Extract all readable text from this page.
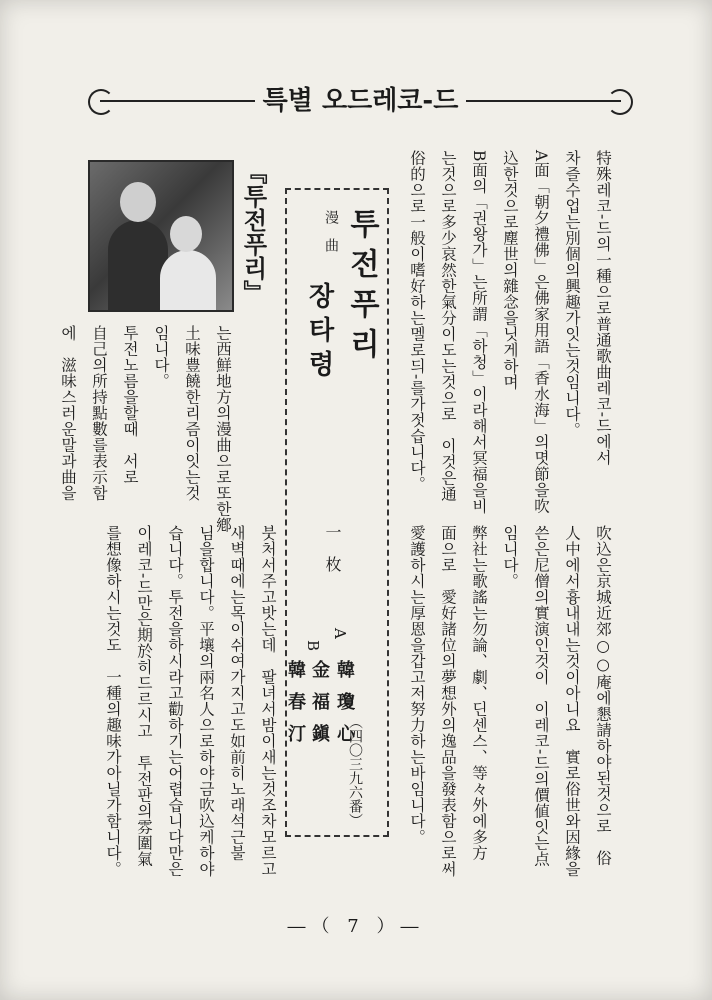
특별 오드레코-드

特殊레코-드의一種으로普通歌曲레코-드에서

차즐수업는別個의興趣가잇는것임니다。

A面「朝夕禮佛」은佛家用語「香水海」의몃節을吹

込한것으로塵世의雜念을닛게하며

B面의「권왕가」는所謂「하청」이라해서冥福을비

는것으로多少哀然한氣分이도는것으로　이것은通

俗的으로一般이嗜好하는멜로듸-를가젓습니다。

吹込은京城近郊○○庵에懇請하야된것으로　俗

人中에서흉내내는것이아니요　實로俗世와因緣을

쓴은尼僧의實演인것이　이레코-드의價値잇는点

임니다。

弊社는歌謠는勿論、劇、딘센스、等々外에多方

面으로　愛好諸位의夢想外의逸品을發表함으로써

愛護하시는厚恩을갑고저努力하는바임니다。

漫曲 투전푸리
장타령
一　枚
（四〇三九六番）

A

B

韓瓊心

金福鎭

韓春汀

『투전푸리』

는西鮮地方의漫曲으로또한鄕

土味豊饒한리즘이잇는것

임니다。

투전노름을할때　서로

自己의所持點數를表示함

에　滋味스러운말과曲을

붓처서주고밧는데　팔녀서밤이새는것조차모르고

새벽때에는목이쉬여가지고도如前히노래석근불

님을합니다。平壤의兩名人으로하야금吹込케하야

습니다。투전을하시라고勸하기는어렵습니다만은

이레코-드만은期於히드르시고　투전판의雰圍氣

를想像하시는것도　一種의趣味가아닐가함니다。

―（ 7 ）―
